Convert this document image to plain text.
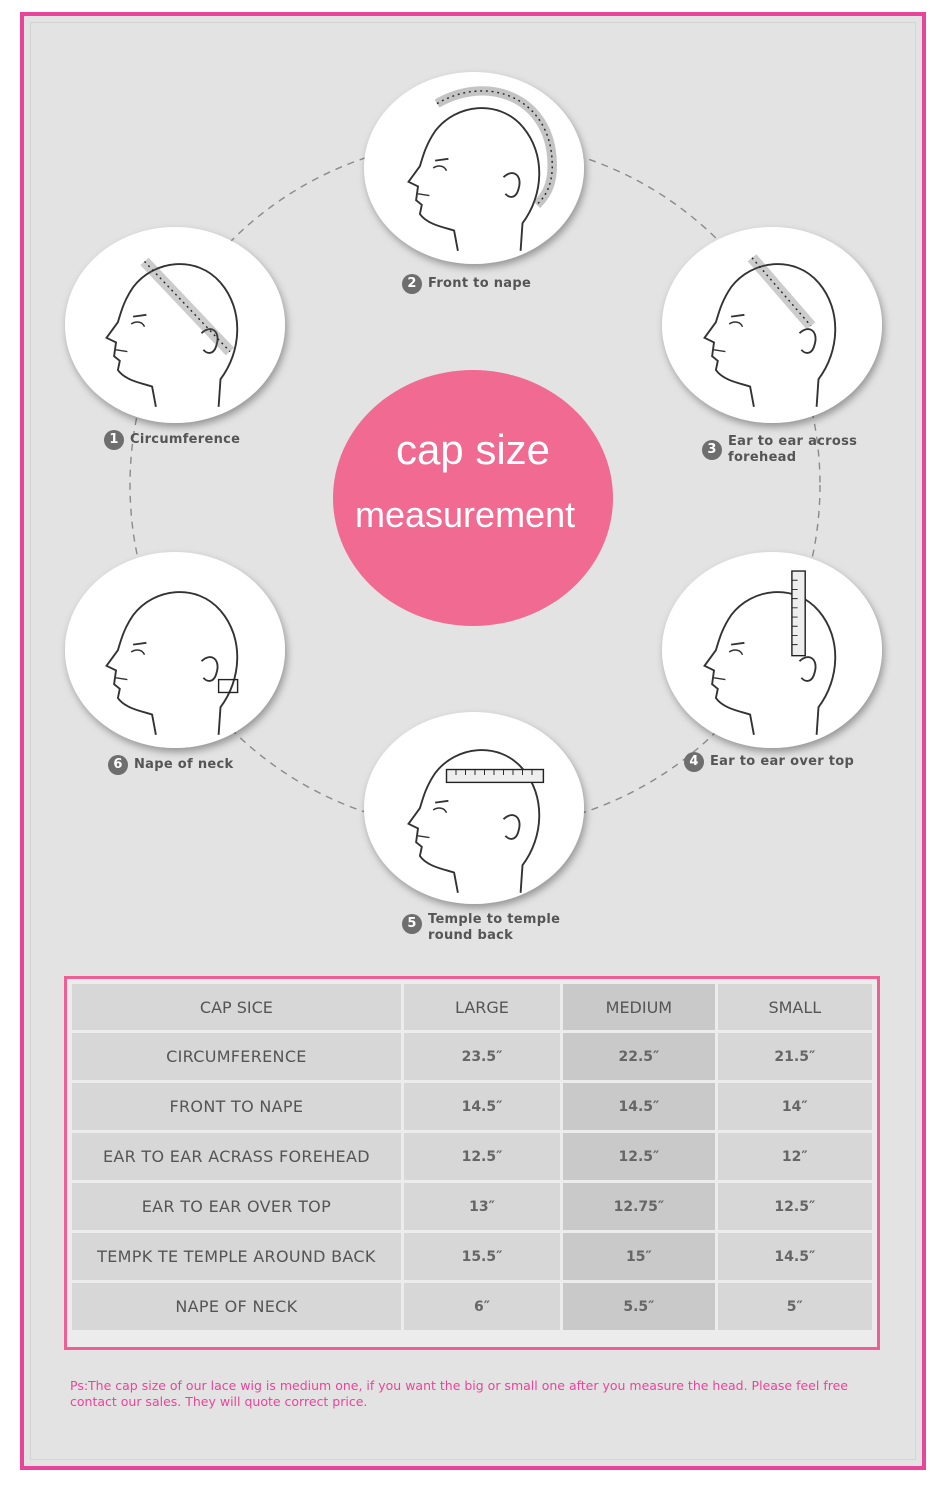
2 Front to nape
1 Circumference
3
Ear to ear across forehead
4 Ear to ear over top
5 Temple to temple round back
6 Nape of neck
cap size
measurement
CAP SICE	LARGE	MEDIUM	SMALL
CIRCUMFERENCE	23.5″	22.5″	21.5″
FRONT TO NAPE	14.5″	14.5″	14″
EAR TO EAR ACRASS FOREHEAD	12.5″	12.5″	12″
EAR TO EAR OVER TOP	13″	12.75″	12.5″
TEMPK TE TEMPLE AROUND BACK	15.5″	15″	14.5″
NAPE OF NECK	6″	5.5″	5″
Ps:The cap size of our lace wig is medium one, if you want the big or small one after you measure the head. Please feel free contact our sales. They will quote correct price.
